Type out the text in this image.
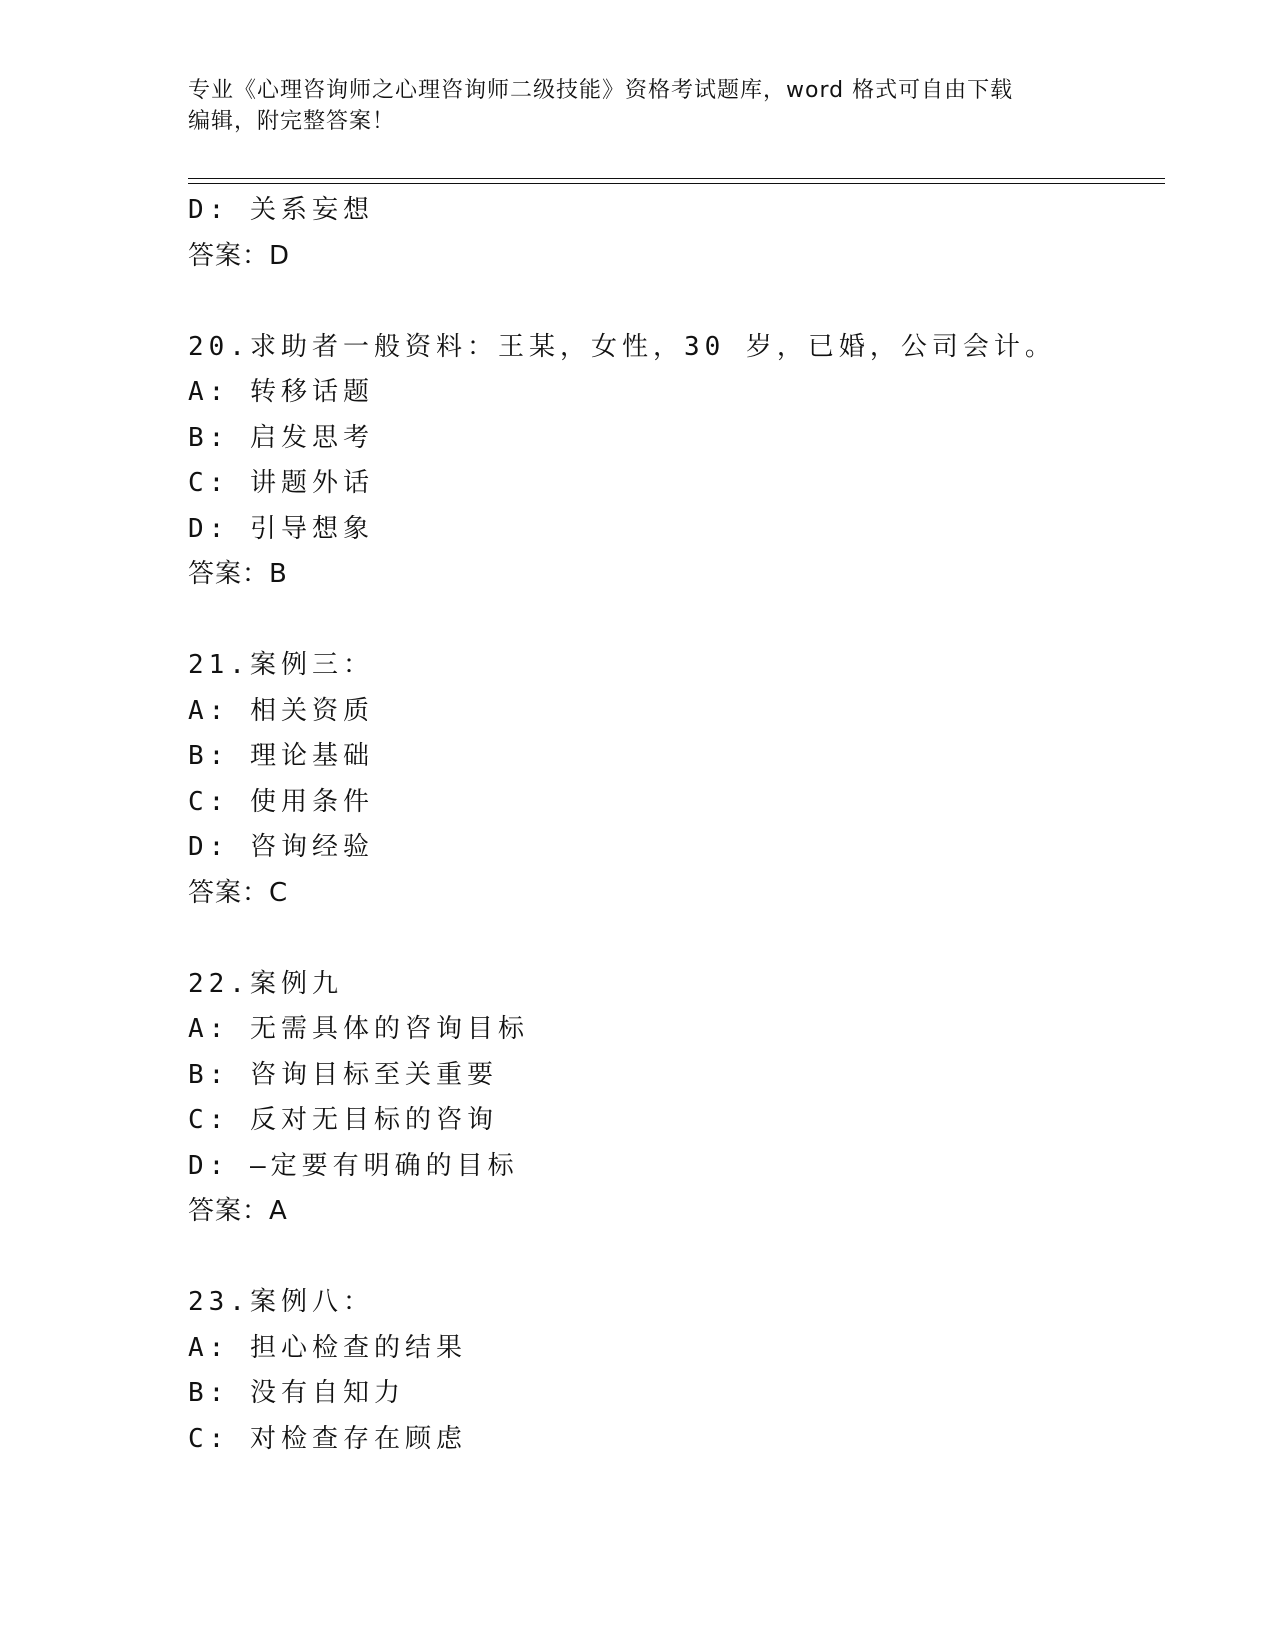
专业《心理咨询师之心理咨询师二级技能》资格考试题库，word 格式可自由下载
编辑，附完整答案！
D: 关系妄想
答案：D
20.求助者一般资料：王某，女性，30 岁，已婚，公司会计。
A: 转移话题
B: 启发思考
C: 讲题外话
D: 引导想象
答案：B
21.案例三：
A: 相关资质
B: 理论基础
C: 使用条件
D: 咨询经验
答案：C
22.案例九
A: 无需具体的咨询目标
B: 咨询目标至关重要
C: 反对无目标的咨询
D: —定要有明确的目标
答案：A
23.案例八：
A: 担心检查的结果
B: 没有自知力
C: 对检查存在顾虑
